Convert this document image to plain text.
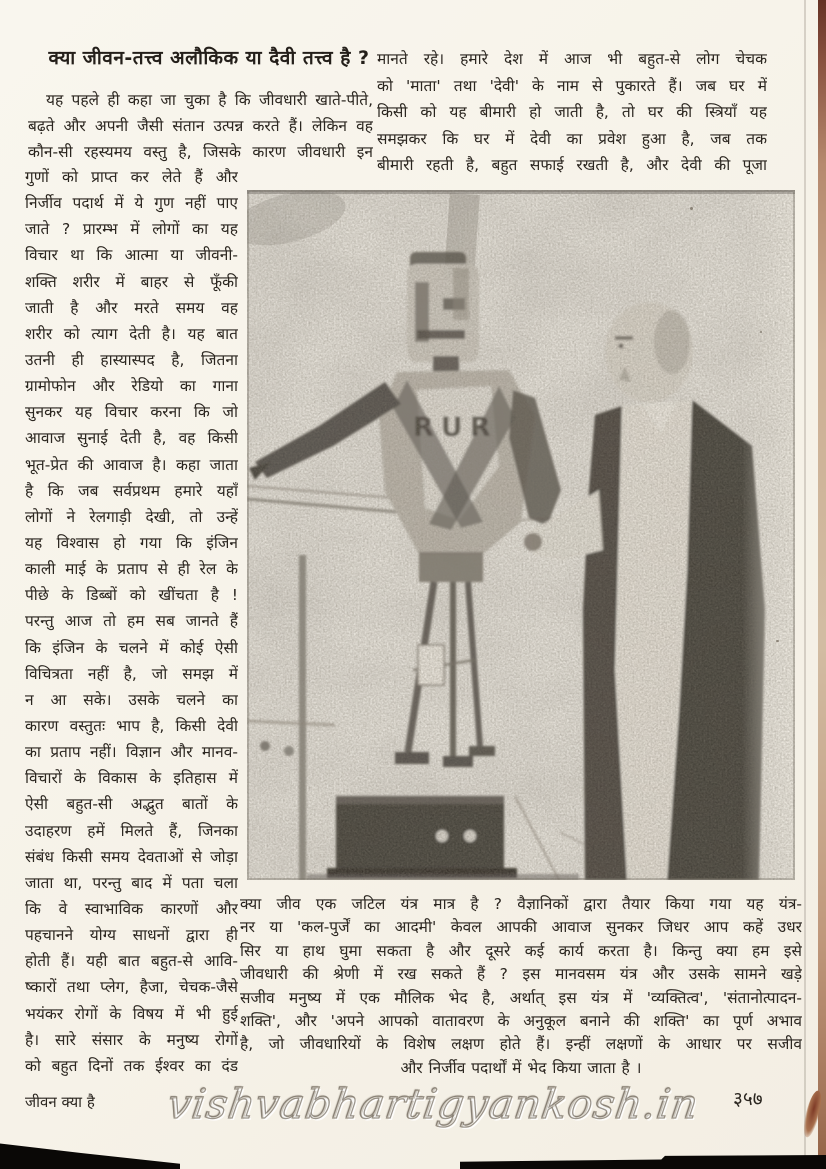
क्या जीवन-तत्त्व अलौकिक या दैवी तत्त्व है ?
यह पहले ही कहा जा चुका है कि जीवधारी खाते-पीते,
बढ़ते और अपनी जैसी संतान उत्पन्न करते हैं। लेकिन वह
कौन-सी रहस्यमय वस्तु है, जिसके कारण जीवधारी इन
गुणों को प्राप्त कर लेते हैं और
निर्जीव पदार्थ में ये गुण नहीं पाए
जाते ? प्रारम्भ में लोगों का यह
विचार था कि आत्मा या जीवनी-
शक्ति शरीर में बाहर से फूँकी
जाती है और मरते समय वह
शरीर को त्याग देती है। यह बात
उतनी ही हास्यास्पद है, जितना
ग्रामोफोन और रेडियो का गाना
सुनकर यह विचार करना कि जो
आवाज सुनाई देती है, वह किसी
भूत-प्रेत की आवाज है। कहा जाता
है कि जब सर्वप्रथम हमारे यहाँ
लोगों ने रेलगाड़ी देखी, तो उन्हें
यह विश्वास हो गया कि इंजिन
काली माई के प्रताप से ही रेल के
पीछे के डिब्बों को खींचता है !
परन्तु आज तो हम सब जानते हैं
कि इंजिन के चलने में कोई ऐसी
विचित्रता नहीं है, जो समझ में
न आ सके। उसके चलने का
कारण वस्तुतः भाप है, किसी देवी
का प्रताप नहीं। विज्ञान और मानव-
विचारों के विकास के इतिहास में
ऐसी बहुत-सी अद्भुत बातों के
उदाहरण हमें मिलते हैं, जिनका
संबंध किसी समय देवताओं से जोड़ा
जाता था, परन्तु बाद में पता चला
कि वे स्वाभाविक कारणों और
पहचानने योग्य साधनों द्वारा ही
होती हैं। यही बात बहुत-से आवि-
ष्कारों तथा प्लेग, हैजा, चेचक-जैसे
भयंकर रोगों के विषय में भी हुई
है। सारे संसार के मनुष्य रोगों
को बहुत दिनों तक ईश्वर का दंड
मानते रहे। हमारे देश में आज भी बहुत-से लोग चेचक
को 'माता' तथा 'देवी' के नाम से पुकारते हैं। जब घर में
किसी को यह बीमारी हो जाती है, तो घर की स्त्रियाँ यह
समझकर कि घर में देवी का प्रवेश हुआ है, जब तक
बीमारी रहती है, बहुत सफाई रखती है, और देवी की पूजा
क्या जीव एक जटिल यंत्र मात्र है ? वैज्ञानिकों द्वारा तैयार किया गया यह यंत्र-
नर या 'कल-पुर्जें का आदमी' केवल आपकी आवाज सुनकर जिधर आप कहें उधर
सिर या हाथ घुमा सकता है और दूसरे कई कार्य करता है। किन्तु क्या हम इसे
जीवधारी की श्रेणी में रख सकते हैं ? इस मानवसम यंत्र और उसके सामने खड़े
सजीव मनुष्य में एक मौलिक भेद है, अर्थात् इस यंत्र में 'व्यक्तित्व', 'संतानोत्पादन-
शक्ति', और 'अपने आपको वातावरण के अनुकूल बनाने की शक्ति' का पूर्ण अभाव
है, जो जीवधारियों के विशेष लक्षण होते हैं। इन्हीं लक्षणों के आधार पर सजीव
और निर्जीव पदार्थों में भेद किया जाता है ।
जीवन क्या है vishvabhartigyankosh.in ३५७
